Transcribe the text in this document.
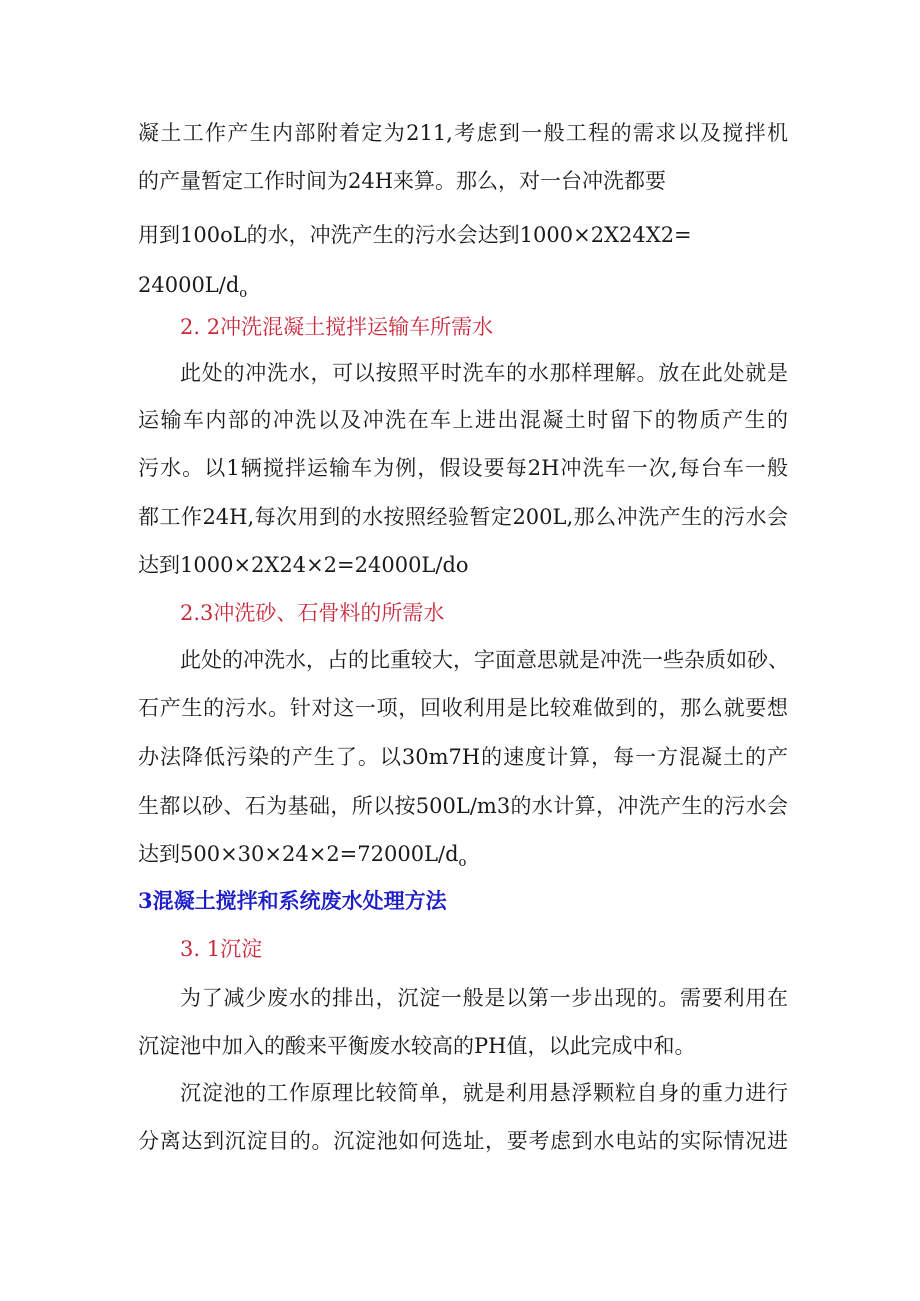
凝土工作产生内部附着定为211,考虑到一般工程的需求以及搅拌机
的产量暂定工作时间为24H来算。那么，对一台冲洗都要
用到100oL的水，冲洗产生的污水会达到1000×2X24X2=
$24000L∕d_o$
2. 2冲洗混凝土搅拌运输车所需水
此处的冲洗水，可以按照平时洗车的水那样理解。放在此处就是
运输车内部的冲洗以及冲洗在车上进出混凝土时留下的物质产生的
污水。以1辆搅拌运输车为例，假设要每2H冲洗车一次,每台车一般
都工作24H,每次用到的水按照经验暂定200L,那么冲洗产生的污水会
达到1000×2X24×2=24000L∕do
2.3冲洗砂、石骨料的所需水
此处的冲洗水，占的比重较大，字面意思就是冲洗一些杂质如砂、
石产生的污水。针对这一项，回收利用是比较难做到的，那么就要想
办法降低污染的产生了。以30m7H的速度计算，每一方混凝土的产
生都以砂、石为基础，所以按500L∕m3的水计算，冲洗产生的污水会
达到$500\times 30\times 24\times 2=72000L∕d_o$
3混凝土搅拌和系统废水处理方法
3. 1沉淀
为了减少废水的排出，沉淀一般是以第一步出现的。需要利用在
沉淀池中加入的酸来平衡废水较高的PH值，以此完成中和。
沉淀池的工作原理比较简单，就是利用悬浮颗粒自身的重力进行
分离达到沉淀目的。沉淀池如何选址，要考虑到水电站的实际情况进
